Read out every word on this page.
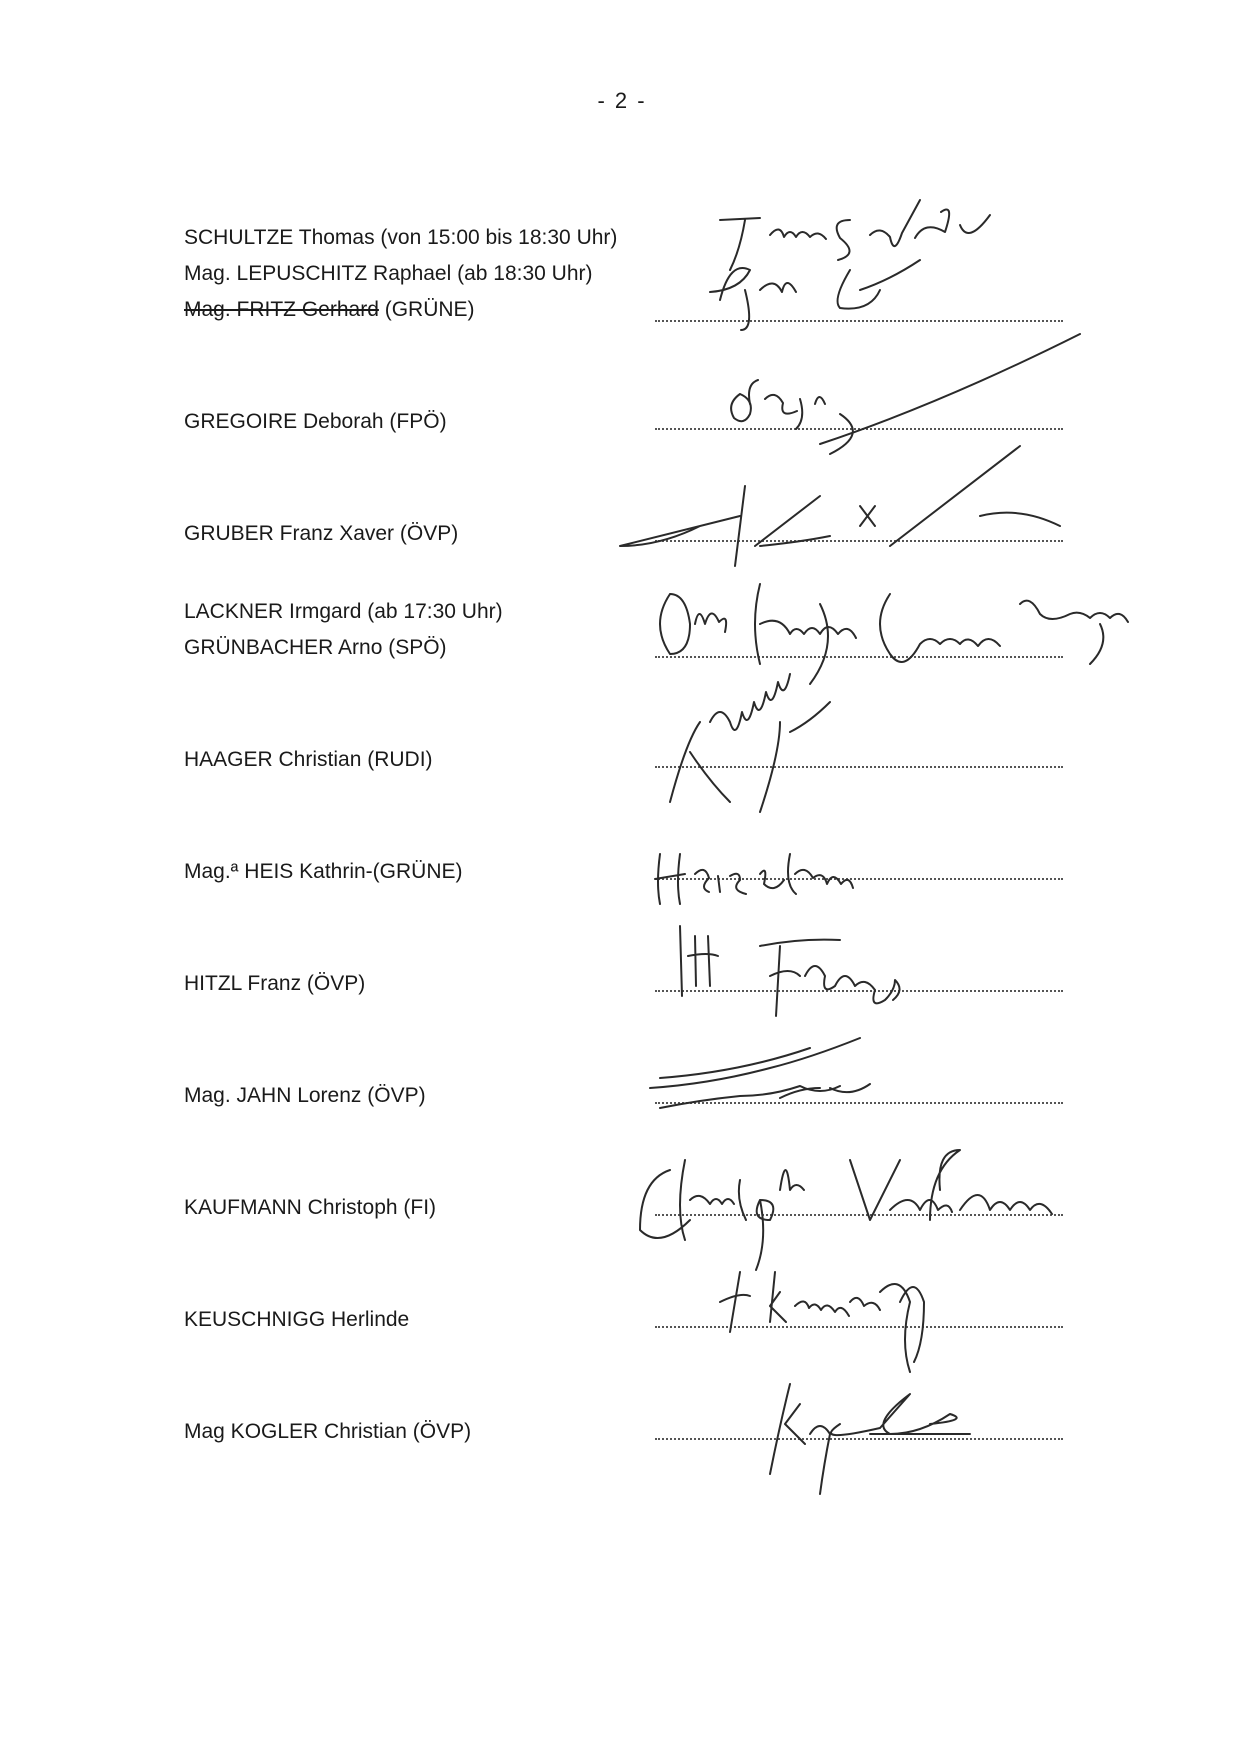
- 2 -
SCHULTZE Thomas (von 15:00 bis 18:30 Uhr)
Mag. LEPUSCHITZ Raphael (ab 18:30 Uhr)
Mag. FRITZ Gerhard (GRÜNE)
GREGOIRE Deborah (FPÖ)
GRUBER Franz Xaver (ÖVP)
LACKNER Irmgard (ab 17:30 Uhr)
GRÜNBACHER Arno (SPÖ)
HAAGER Christian (RUDI)
Mag.ª HEIS Kathrin-(GRÜNE)
HITZL Franz (ÖVP)
Mag. JAHN Lorenz (ÖVP)
KAUFMANN Christoph (FI)
KEUSCHNIGG Herlinde
Mag KOGLER Christian (ÖVP)
